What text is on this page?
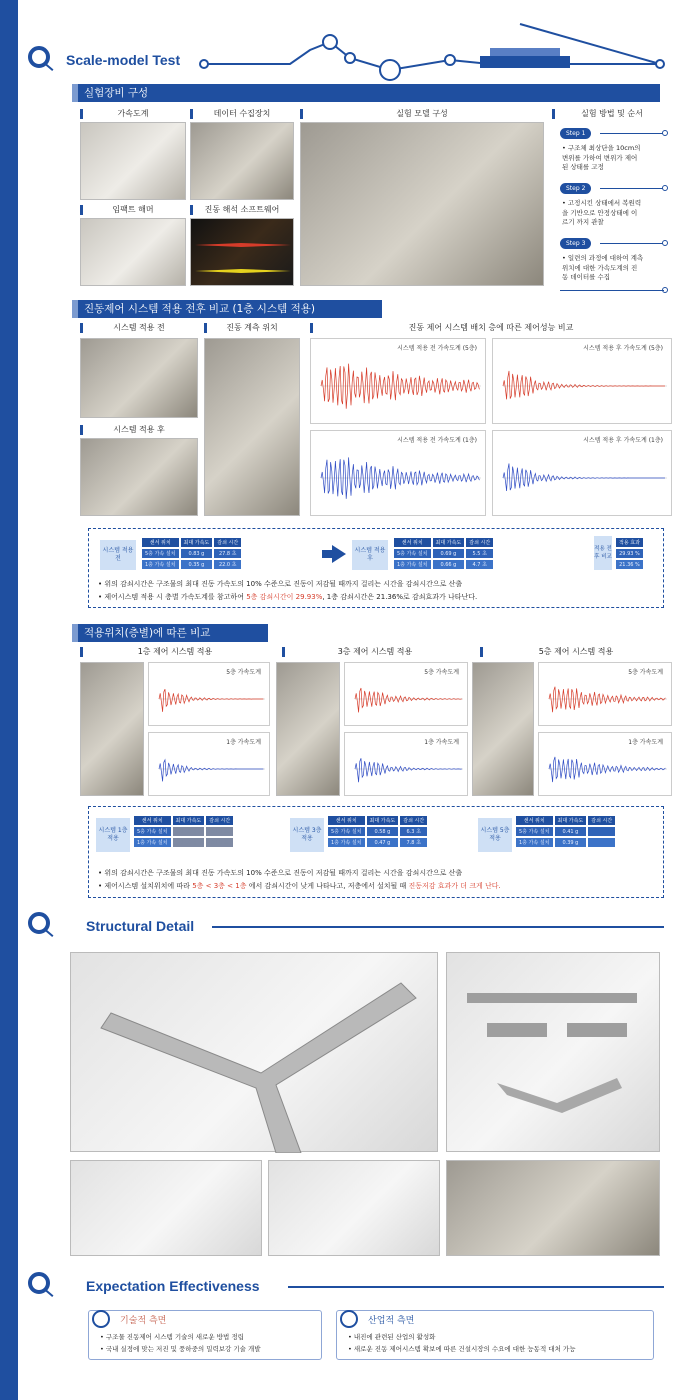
Scale-model Test
실험장비 구성
가속도계	데이터 수집장치	실험 모델 구성	실험 방법 및 순서
임팩트 해머	진동 해석 소프트웨어
Step 1
• 구조체 최상단을 10cm의
변위를 가하여 변위가 제어
된 상태를 고정
Step 2
• 고정시킨 상태에서 복원력
을 기반으로 안정상태에 이
르기 까지 관찰
Step 3
• 일련의 과정에 대하여 계측
위치에 대한 가속도계의 진
동 데이터를 수집
진동제어 시스템 적용 전후 비교 (1층 시스템 적용)
시스템 적용 전	진동 계측 위치	진동 제어 시스템 배치 층에 따른 제어성능 비교
시스템 적용 후
시스템 적용 전 가속도계 (5층)	시스템 적용 후 가속도계 (5층)
시스템 적용 전 가속도계 (1층)	시스템 적용 후 가속도계 (1층)
시스템 적용 전
센서 위치	최대 가속도	감쇠 시간
5층 가속 설치	0.83 g	27.8 초
1층 가속 설치	0.35 g	22.0 초
시스템 적용 후
센서 위치	최대 가속도	감쇠 시간
5층 가속 설치	0.69 g	5.5 초
1층 가속 설치	0.66 g	4.7 초
적용 전후 비교
적용 효과
29.93 %
21.36 %
• 위의 감쇠시간은 구조물의 최대 진동 가속도의 10% 수준으로 진동이 저감될 때까지 걸리는 시간을 감쇠시간으로 산출
• 제어시스템 적용 시 층별 가속도계를 참고하여 5층 감쇠시간이 29.93%, 1층 감쇠시간은 21.36%로 감쇠효과가 나타난다.
적용위치(층별)에 따른 비교
1층 제어 시스템 적용	3층 제어 시스템 적용	5층 제어 시스템 적용
5층 가속도계
1층 가속도계
5층 가속도계
1층 가속도계
5층 가속도계
1층 가속도계
시스템 1층 적용
센서 위치	최대 가속도	감쇠 시간
5층 가속 설치	0.00 g	00.0 초
1층 가속 설치	0.00 g	00.0 초
시스템 3층 적용
센서 위치	최대 가속도	감쇠 시간
5층 가속 설치	0.58 g	6.3 초
1층 가속 설치	0.47 g	7.8 초
시스템 5층 적용
센서 위치	최대 가속도	감쇠 시간
5층 가속 설치	0.41 g	
1층 가속 설치	0.39 g	
• 위의 감쇠시간은 구조물의 최대 진동 가속도의 10% 수준으로 진동이 저감될 때까지 걸리는 시간을 감쇠시간으로 산출
• 제어시스템 설치위치에 따라 5층 < 3층 < 1층 에서 감쇠시간이 낮게 나타나고, 저층에서 설치될 때 진동저감 효과가 더 크게 난다.
Structural Detail
Expectation Effectiveness
기술적 측면
• 구조물 진동제어 시스템 기술의 새로운 방법 정립
• 국내 실정에 맞는 저진 및 풍하중의 밀력보강 기술 개발
산업적 측면
• 내진에 관련된 산업의 활성화
• 새로운 진동 제어시스템 확보에 따른 건설시장의 수요에 대한 능동적 대처 가능
